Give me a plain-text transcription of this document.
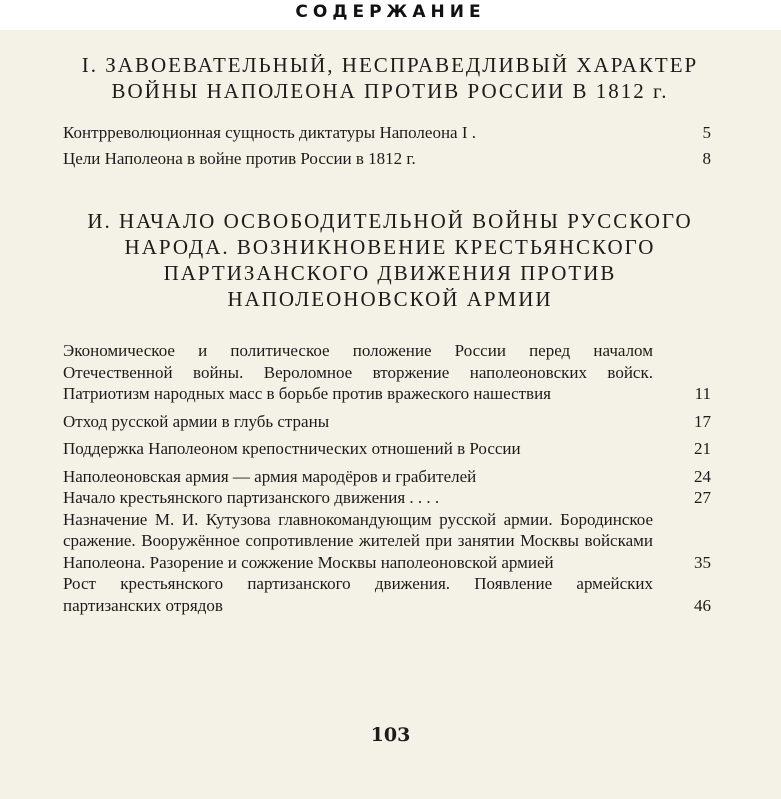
СОДЕРЖАНИЕ
I. ЗАВОЕВАТЕЛЬНЫЙ, НЕСПРАВЕДЛИВЫЙ ХАРАКТЕР
ВОЙНЫ НАПОЛЕОНА ПРОТИВ РОССИИ В 1812 г.
Контрреволюционная сущность диктатуры Наполеона I .	5
Цели Наполеона в войне против России в 1812 г.	8
И. НАЧАЛО ОСВОБОДИТЕЛЬНОЙ ВОЙНЫ РУССКОГО
НАРОДА. ВОЗНИКНОВЕНИЕ КРЕСТЬЯНСКОГО
ПАРТИЗАНСКОГО ДВИЖЕНИЯ ПРОТИВ
НАПОЛЕОНОВСКОЙ АРМИИ
Экономическое и политическое положение России перед началом Отечественной войны. Вероломное вторжение наполеоновских войск. Патриотизм народных масс в борьбе против вражеского нашествия	11
Отход русской армии в глубь страны	17
Поддержка Наполеоном крепостнических отношений в России	21
Наполеоновская армия — армия мародёров и грабителей	24
Начало крестьянского партизанского движения . . . .	27
Назначение М. И. Кутузова главнокомандующим русской армии. Бородинское сражение. Вооружённое сопротивление жителей при занятии Москвы войсками Наполеона. Разорение и сожжение Москвы наполеоновской армией	35
Рост крестьянского партизанского движения. Появление армейских партизанских отрядов	46
103
